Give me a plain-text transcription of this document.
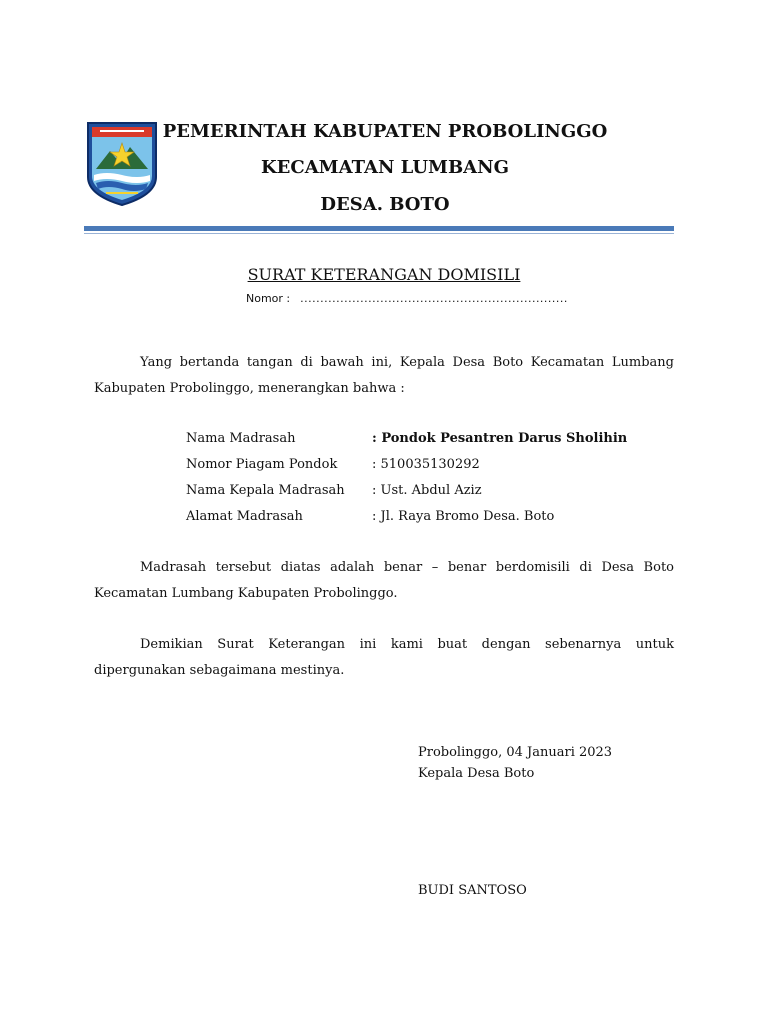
PEMERINTAH KABUPATEN PROBOLINGGO
KECAMATAN LUMBANG
DESA. BOTO
SURAT KETERANGAN DOMISILI
Nomor : ...................................................................
Yang bertanda tangan di bawah ini, Kepala Desa Boto Kecamatan Lumbang Kabupaten Probolinggo, menerangkan bahwa :
Nama Madrasah	: Pondok Pesantren Darus Sholihin
Nomor Piagam Pondok	: 510035130292
Nama Kepala Madrasah : Ust. Abdul Aziz
Alamat Madrasah	: Jl. Raya Bromo Desa. Boto
Madrasah tersebut diatas adalah benar – benar berdomisili di Desa Boto Kecamatan Lumbang Kabupaten Probolinggo.
Demikian Surat Keterangan ini kami buat dengan sebenarnya untuk dipergunakan sebagaimana mestinya.
Probolinggo, 04 Januari 2023
Kepala Desa Boto
BUDI SANTOSO
